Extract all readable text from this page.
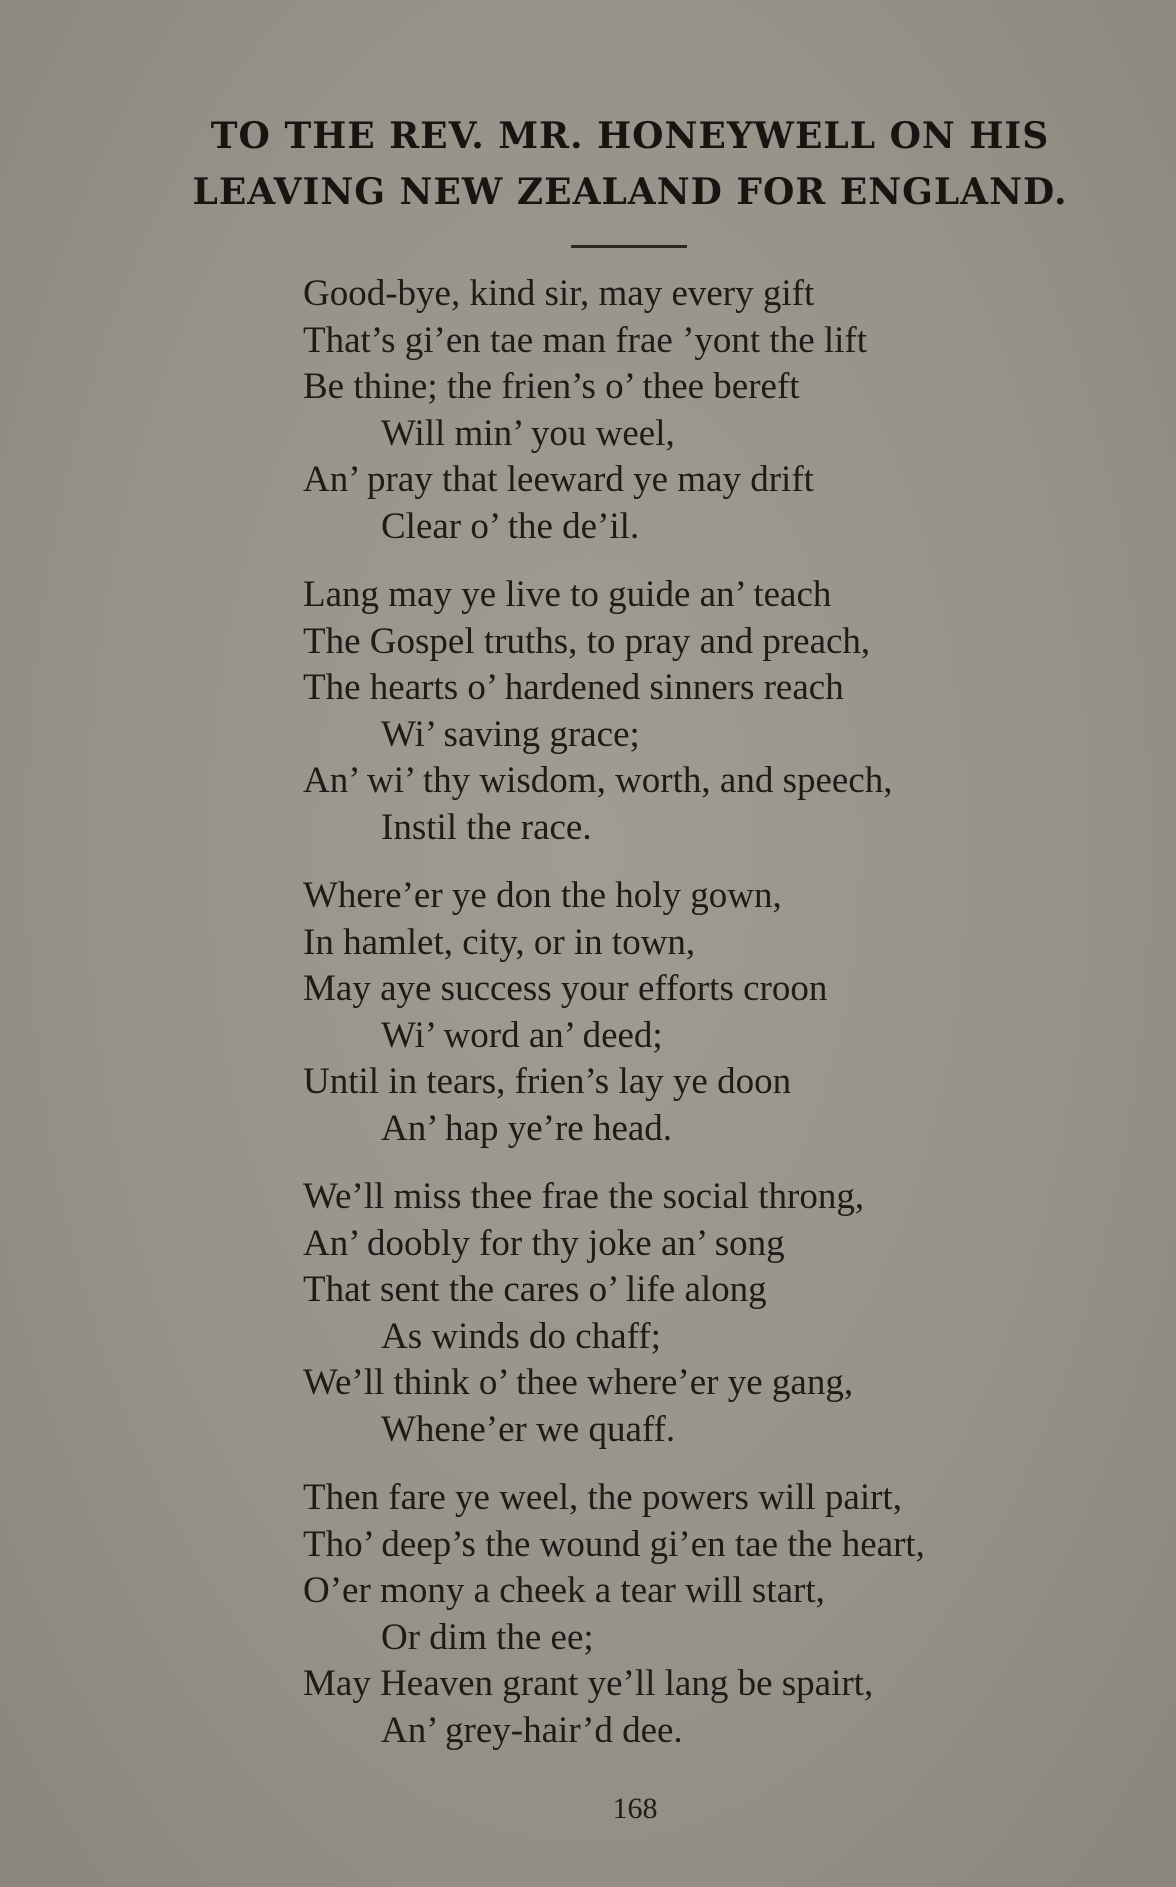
TO THE REV. MR. HONEYWELL ON HIS
LEAVING NEW ZEALAND FOR ENGLAND.
Good-bye, kind sir, may every gift
That’s gi’en tae man frae ’yont the lift
Be thine; the frien’s o’ thee bereft
Will min’ you weel,
An’ pray that leeward ye may drift
Clear o’ the de’il.
Lang may ye live to guide an’ teach
The Gospel truths, to pray and preach,
The hearts o’ hardened sinners reach
Wi’ saving grace;
An’ wi’ thy wisdom, worth, and speech,
Instil the race.
Where’er ye don the holy gown,
In hamlet, city, or in town,
May aye success your efforts croon
Wi’ word an’ deed;
Until in tears, frien’s lay ye doon
An’ hap ye’re head.
We’ll miss thee frae the social throng,
An’ doobly for thy joke an’ song
That sent the cares o’ life along
As winds do chaff;
We’ll think o’ thee where’er ye gang,
Whene’er we quaff.
Then fare ye weel, the powers will pairt,
Tho’ deep’s the wound gi’en tae the heart,
O’er mony a cheek a tear will start,
Or dim the ee;
May Heaven grant ye’ll lang be spairt,
An’ grey-hair’d dee.
168
